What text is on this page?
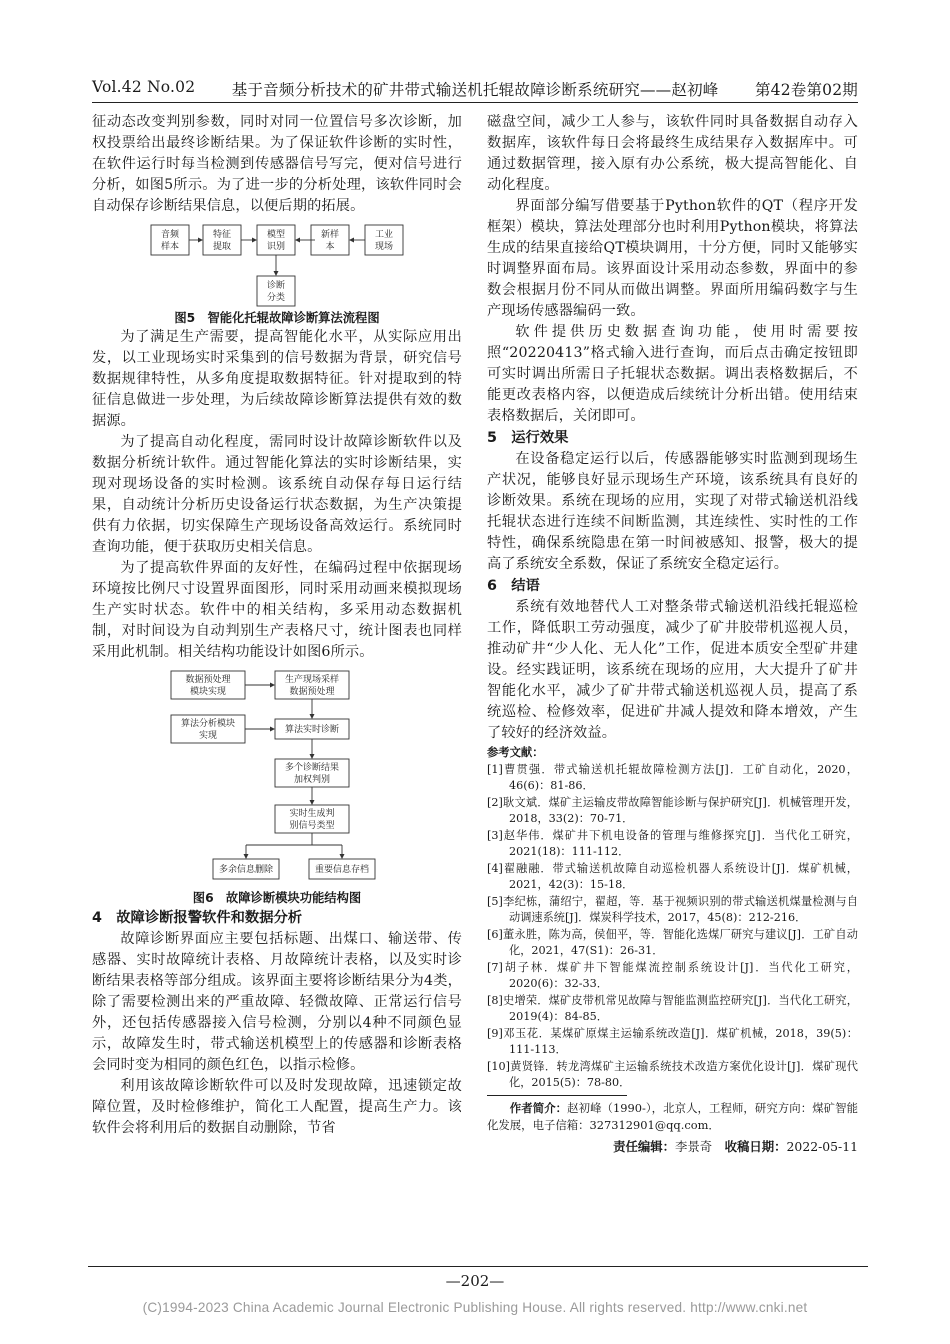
Vol.42 No.02 基于音频分析技术的矿井带式输送机托辊故障诊断系统研究——赵初峰 第42卷第02期

征动态改变判别参数，同时对同一位置信号多次诊断，加权投票给出最终诊断结果。为了保证软件诊断的实时性，在软件运行时每当检测到传感器信号写完，便对信号进行分析，如图5所示。为了进一步的分析处理，该软件同时会自动保存诊断结果信息，以便后期的拓展。

音频
样本
特征
提取
模型
识别
新样
本
工业
现场
诊断
分类

图5　智能化托辊故障诊断算法流程图

为了满足生产需要，提高智能化水平，从实际应用出发，以工业现场实时采集到的信号数据为背景，研究信号数据规律特性，从多角度提取数据特征。针对提取到的特征信息做进一步处理，为后续故障诊断算法提供有效的数据源。

为了提高自动化程度，需同时设计故障诊断软件以及数据分析统计软件。通过智能化算法的实时诊断结果，实现对现场设备的实时检测。该系统自动保存每日运行结果，自动统计分析历史设备运行状态数据，为生产决策提供有力依据，切实保障生产现场设备高效运行。系统同时查询功能，便于获取历史相关信息。

为了提高软件界面的友好性，在编码过程中依据现场环境按比例尺寸设置界面图形，同时采用动画来模拟现场生产实时状态。软件中的相关结构，多采用动态数据机制，对时间设为自动判别生产表格尺寸，统计图表也同样采用此机制。相关结构功能设计如图6所示。

数据预处理
模块实现
生产现场采样
数据预处理
算法分析模块
实现
算法实时诊断
多个诊断结果
加权判别
实时生成判
别信号类型
多余信息删除	重要信息存档

图6　故障诊断模块功能结构图

4　故障诊断报警软件和数据分析

故障诊断界面应主要包括标题、出煤口、输送带、传感器、实时故障统计表格、月故障统计表格，以及实时诊断结果表格等部分组成。该界面主要将诊断结果分为4类，除了需要检测出来的严重故障、轻微故障、正常运行信号外，还包括传感器接入信号检测，分别以4种不同颜色显示，故障发生时，带式输送机模型上的传感器和诊断表格会同时变为相同的颜色红色，以指示检修。

利用该故障诊断软件可以及时发现故障，迅速锁定故障位置，及时检修维护，简化工人配置，提高生产力。该软件会将利用后的数据自动删除，节省

磁盘空间，减少工人参与，该软件同时具备数据自动存入数据库，该软件每日会将最终生成结果存入数据库中。可通过数据管理，接入原有办公系统，极大提高智能化、自动化程度。

界面部分编写借要基于Python软件的QT（程序开发框架）模块，算法处理部分也时利用Python模块，将算法生成的结果直接给QT模块调用，十分方便，同时又能够实时调整界面布局。该界面设计采用动态参数，界面中的参数会根据月份不同从而做出调整。界面所用编码数字与生产现场传感器编码一致。

软件提供历史数据查询功能，使用时需要按照“20220413”格式输入进行查询，而后点击确定按钮即可实时调出所需日子托辊状态数据。调出表格数据后，不能更改表格内容，以便造成后续统计分析出错。使用结束表格数据后，关闭即可。

5　运行效果

在设备稳定运行以后，传感器能够实时监测到现场生产状况，能够良好显示现场生产环境，该系统具有良好的诊断效果。系统在现场的应用，实现了对带式输送机沿线托辊状态进行连续不间断监测，其连续性、实时性的工作特性，确保系统隐患在第一时间被感知、报警，极大的提高了系统安全系数，保证了系统安全稳定运行。

6　结语

系统有效地替代人工对整条带式输送机沿线托辊巡检工作，降低职工劳动强度，减少了矿井胶带机巡视人员，推动矿井“少人化、无人化”工作，促进本质安全型矿井建设。经实践证明，该系统在现场的应用，大大提升了矿井智能化水平，减少了矿井带式输送机巡视人员，提高了系统巡检、检修效率，促进矿井减人提效和降本增效，产生了较好的经济效益。

参考文献：

[1]曹贯强．带式输送机托辊故障检测方法[J]．工矿自动化，2020，46(6)：81-86．

[2]耿文斌．煤矿主运输皮带故障智能诊断与保护研究[J]．机械管理开发，2018，33(2)：70-71．

[3]赵华伟．煤矿井下机电设备的管理与维修探究[J]．当代化工研究，2021(18)：111-112．

[4]翟融融．带式输送机故障自动巡检机器人系统设计[J]．煤矿机械，2021，42(3)：15-18．

[5]李纪栋，蒲绍宁，翟超，等．基于视频识别的带式输送机煤量检测与自动调速系统[J]．煤炭科学技术，2017，45(8)：212-216．

[6]董永胜，陈为高，侯佃平，等．智能化选煤厂研究与建议[J]．工矿自动化，2021，47(S1)：26-31．

[7]胡子林．煤矿井下智能煤流控制系统设计[J]．当代化工研究，2020(6)：32-33．

[8]史增荣．煤矿皮带机常见故障与智能监测监控研究[J]．当代化工研究，2019(4)：84-85．

[9]邓玉花．某煤矿原煤主运输系统改造[J]．煤矿机械，2018，39(5)：111-113．

[10]黄贤锋．转龙湾煤矿主运输系统技术改造方案优化设计[J]．煤矿现代化，2015(5)：78-80．

作者简介：赵初峰（1990-），北京人，工程师，研究方向：煤矿智能化发展，电子信箱：327312901@qq.com．

责任编辑：李景奇　 收稿日期：2022-05-11
—202—
(C)1994-2023 China Academic Journal Electronic Publishing House. All rights reserved. http://www.cnki.net
